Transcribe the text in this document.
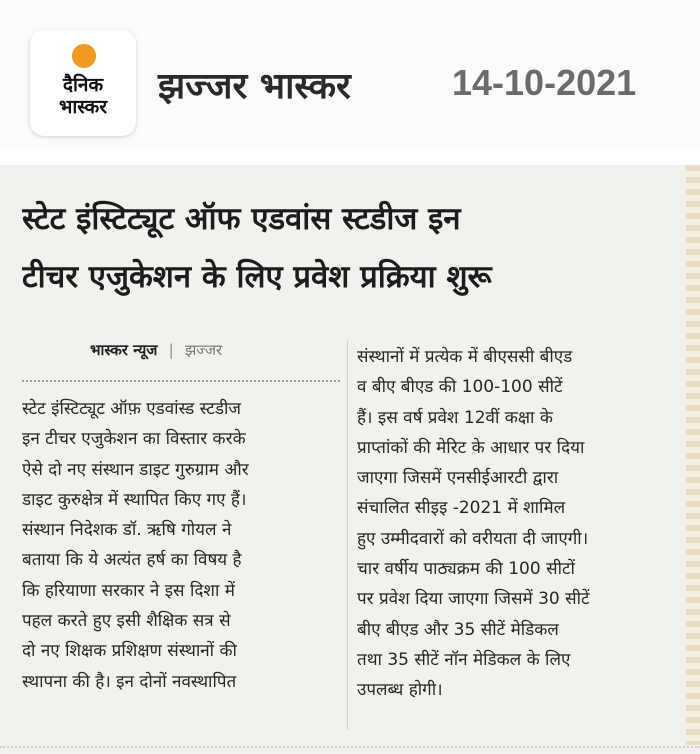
दैनिक
भास्कर	झज्जर भास्कर	14-10-2021
स्टेट इंस्टिट्यूट ऑफ एडवांस स्टडीज इन
टीचर एजुकेशन के लिए प्रवेश प्रक्रिया शुरू
भास्कर न्यूज | झज्जर
स्टेट इंस्टिट्यूट ऑफ़ एडवांस्ड स्टडीज
इन टीचर एजुकेशन का विस्तार करके
ऐसे दो नए संस्थान डाइट गुरुग्राम और
डाइट कुरुक्षेत्र में स्थापित किए गए हैं।
संस्थान निदेशक डॉ. ऋषि गोयल ने
बताया कि ये अत्यंत हर्ष का विषय है
कि हरियाणा सरकार ने इस दिशा में
पहल करते हुए इसी शैक्षिक सत्र से
दो नए शिक्षक प्रशिक्षण संस्थानों की
स्थापना की है। इन दोनों नवस्थापित
संस्थानों में प्रत्येक में बीएससी बीएड
व बीए बीएड की 100-100 सीटें
हैं। इस वर्ष प्रवेश 12वीं कक्षा के
प्राप्तांकों की मेरिट के आधार पर दिया
जाएगा जिसमें एनसीईआरटी द्वारा
संचालित सीइइ -2021 में शामिल
हुए उम्मीदवारों को वरीयता दी जाएगी।
चार वर्षीय पाठ्यक्रम की 100 सीटों
पर प्रवेश दिया जाएगा जिसमें 30 सीटें
बीए बीएड और 35 सीटें मेडिकल
तथा 35 सीटें नॉन मेडिकल के लिए
उपलब्ध होगी।
